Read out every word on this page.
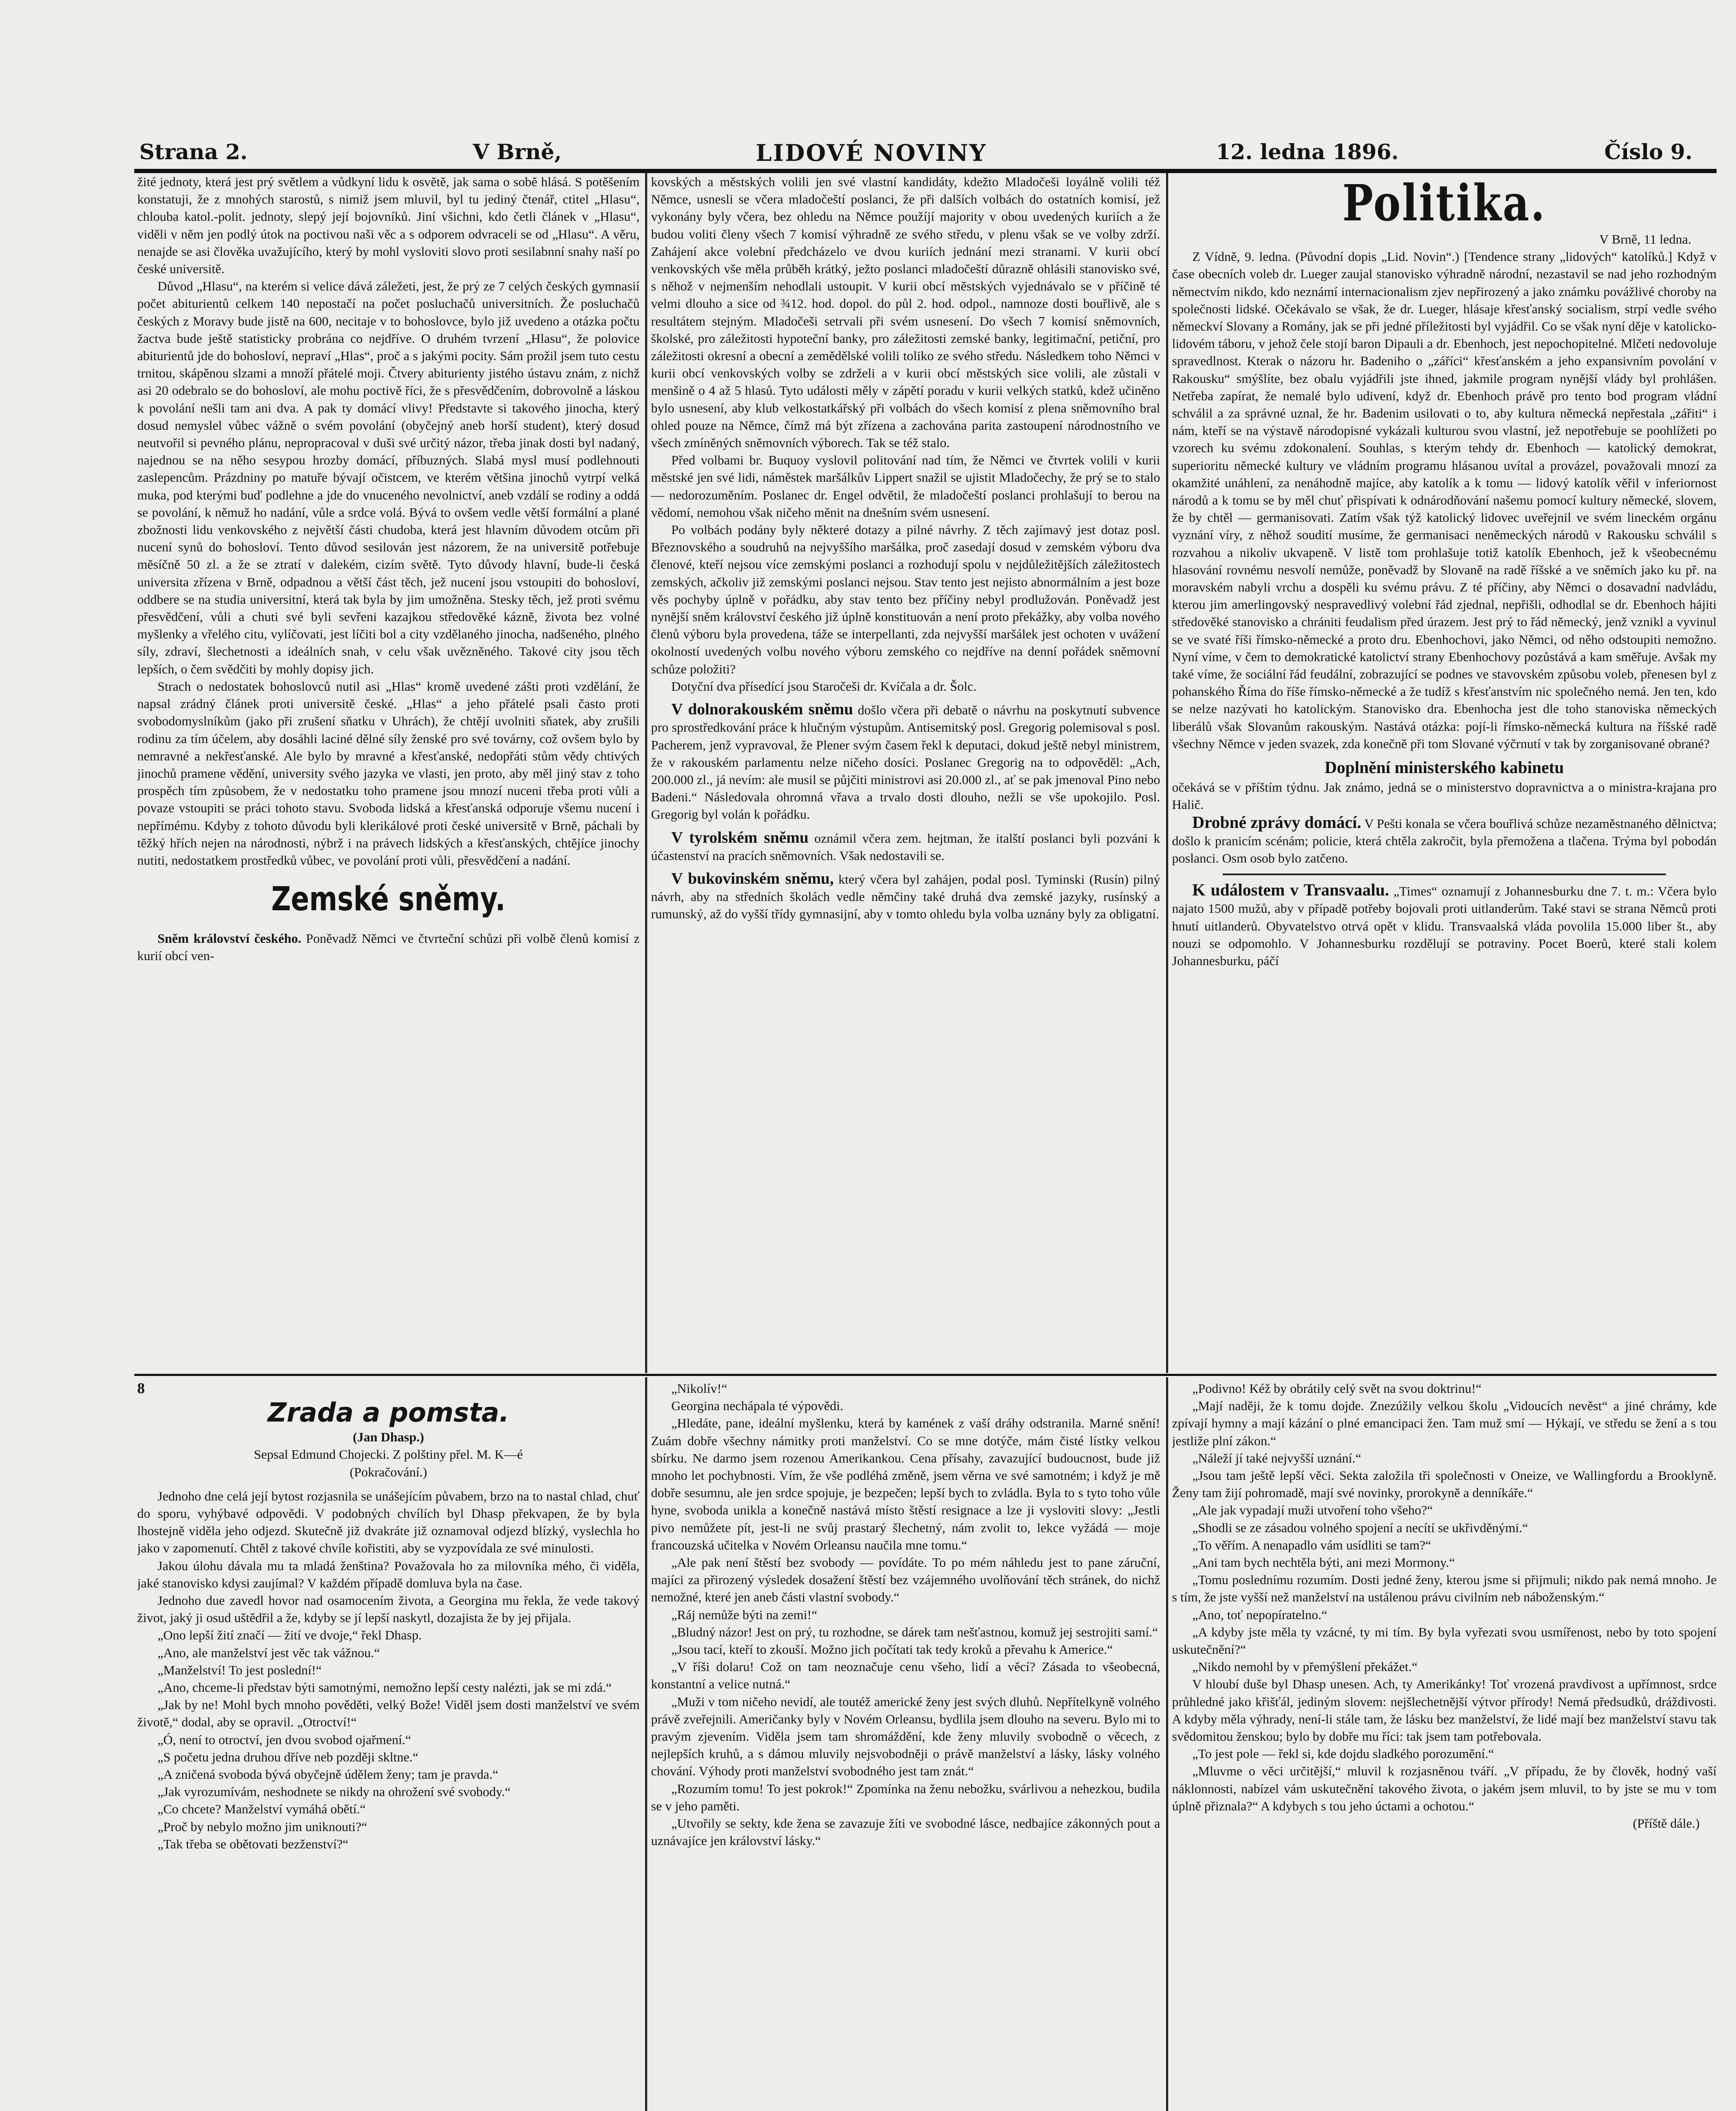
Strana 2.	V Brně,	LIDOVÉ NOVINY	12. ledna 1896.	Číslo 9.

žité jednoty, která jest prý světlem a vůdkyní lidu k osvětě, jak sama o sobě hlásá. S potěšením konstatuji, že z mnohých starostů, s nimiž jsem mluvil, byl tu jediný čtenář, ctitel „Hlasu“, chlouba katol.-polit. jednoty, slepý její bojovníků. Jiní všichni, kdo četli článek v „Hlasu“, viděli v něm jen podlý útok na poctivou naši věc a s odporem odvraceli se od „Hlasu“. A věru, nenajde se asi člověka uvažujícího, který by mohl vysloviti slovo proti sesilabnní snahy naší po české universitě.

Důvod „Hlasu“, na kterém si velice dává záležeti, jest, že prý ze 7 celých českých gymnasií počet abiturientů celkem 140 nepostačí na počet posluchačů universitních. Že posluchačů českých z Moravy bude jistě na 600, necitaje v to bohoslovce, bylo již uvedeno a otázka počtu žactva bude ještě statisticky probrána co nejdříve. O druhém tvrzení „Hlasu“, že polovice abiturientů jde do bohosloví, nepraví „Hlas“, proč a s jakými pocity. Sám prožil jsem tuto cestu trnitou, skápěnou slzami a množí přátelé moji. Čtvery abiturienty jistého ústavu znám, z nichž asi 20 odebralo se do bohosloví, ale mohu poctivě říci, že s přesvědčením, dobrovolně a láskou k povolání nešli tam ani dva. A pak ty domácí vlivy! Představte si takového jinocha, který dosud nemyslel vůbec vážně o svém povolání (obyčejný aneb horší student), který dosud neutvořil si pevného plánu, nepropracoval v duši své určitý názor, třeba jinak dosti byl nadaný, najednou se na něho sesypou hrozby domácí, příbuzných. Slabá mysl musí podlehnouti zaslepencům. Prázdniny po matuře bývají očistcem, ve kterém většina jinochů vytrpí velká muka, pod kterými buď podlehne a jde do vnuceného nevolnictví, aneb vzdálí se rodiny a oddá se povolání, k němuž ho nadání, vůle a srdce volá. Bývá to ovšem vedle větší formální a plané zbožnosti lidu venkovského z největší části chudoba, která jest hlavním důvodem otcům při nucení synů do bohosloví. Tento důvod sesilován jest názorem, že na universitě potřebuje měsíčně 50 zl. a že se ztratí v dalekém, cizím světě. Tyto důvody hlavní, bude-li česká universita zřízena v Brně, odpadnou a větší část těch, jež nucení jsou vstoupiti do bohosloví, oddbere se na studia universitní, která tak byla by jim umožněna. Stesky těch, jež proti svému přesvědčení, vůli a chuti své byli sevřeni kazajkou středověké kázně, života bez volné myšlenky a vřelého citu, vylíčovati, jest líčiti bol a city vzdělaného jinocha, nadšeného, plného síly, zdraví, šlechetnosti a ideálních snah, v celu však uvězněného. Takové city jsou těch lepších, o čem svědčiti by mohly dopisy jich.

Strach o nedostatek bohoslovců nutil asi „Hlas“ kromě uvedené zášti proti vzdělání, že napsal zrádný článek proti universitě české. „Hlas“ a jeho přátelé psali často proti svobodomyslníkům (jako při zrušení sňatku v Uhrách), že chtějí uvolniti sňatek, aby zrušili rodinu za tím účelem, aby dosáhli laciné dělné síly ženské pro své továrny, což ovšem bylo by nemravné a nekřesťanské. Ale bylo by mravné a křesťanské, nedopřáti stům vědy chtivých jinochů pramene vědění, university svého jazyka ve vlasti, jen proto, aby měl jiný stav z toho prospěch tím způsobem, že v nedostatku toho pramene jsou mnozí nuceni třeba proti vůli a povaze vstoupiti se práci tohoto stavu. Svoboda lidská a křesťanská odporuje všemu nucení i nepřímému. Kdyby z tohoto důvodu byli klerikálové proti české universitě v Brně, páchali by těžký hřích nejen na národnosti, nýbrž i na právech lidských a křesťanských, chtějíce jinochy nutiti, nedostatkem prostředků vůbec, ve povolání proti vůli, přesvědčení a nadání.

Zemské sněmy.

Sněm království českého. Poněvadž Němci ve čtvrteční schůzi při volbě členů komisí z kurií obcí ven-

kovských a městských volili jen své vlastní kandidáty, kdežto Mladočeši loyálně volili též Němce, usnesli se včera mladočeští poslanci, že při dalších volbách do ostatních komisí, jež vykonány byly včera, bez ohledu na Němce použíjí majority v obou uvedených kuriích a že budou voliti členy všech 7 komisí výhradně ze svého středu, v plenu však se ve volby zdrží. Zahájení akce volební předcházelo ve dvou kuriích jednání mezi stranami. V kurii obcí venkovských vše měla průběh krátký, ježto poslanci mladočeští důrazně ohlásili stanovisko své, s něhož v nejmenším nehodlali ustoupit. V kurii obcí městských vyjednávalo se v příčině té velmi dlouho a sice od ¾12. hod. dopol. do půl 2. hod. odpol., namnoze dosti bouřlivě, ale s resultátem stejným. Mladočeši setrvali při svém usnesení. Do všech 7 komisí sněmovních, školské, pro záležitosti hypoteční banky, pro záležitosti zemské banky, legitimační, petiční, pro záležitosti okresní a obecní a zemědělské volili toliko ze svého středu. Následkem toho Němci v kurii obcí venkovských volby se zdrželi a v kurii obcí městských sice volili, ale zůstali v menšině o 4 až 5 hlasů. Tyto události měly v zápětí poradu v kurii velkých statků, kdež učiněno bylo usnesení, aby klub velkostatkářský při volbách do všech komisí z plena sněmovního bral ohled pouze na Němce, čímž má být zřízena a zachována parita zastoupení národnostního ve všech zmíněných sněmovních výborech. Tak se též stalo.

Před volbami br. Buquoy vyslovil politování nad tím, že Němci ve čtvrtek volili v kurii městské jen své lidi, náměstek maršálkův Lippert snažil se ujistit Mladočechy, že prý se to stalo — nedorozuměním. Poslanec dr. Engel odvětil, že mladočeští poslanci prohlašují to berou na vědomí, nemohou však ničeho měnit na dnešním svém usnesení.

Po volbách podány byly některé dotazy a pilné návrhy. Z těch zajímavý jest dotaz posl. Březnovského a soudruhů na nejvyššího maršálka, proč zasedají dosud v zemském výboru dva členové, kteří nejsou více zemskými poslanci a rozhodují spolu v nejdůležitějších záležitostech zemských, ačkoliv již zemskými poslanci nejsou. Stav tento jest nejisto abnormálním a jest boze věs pochyby úplně v pořádku, aby stav tento bez příčiny nebyl prodlužován. Poněvadž jest nynější sněm království českého již úplně konstituován a není proto překážky, aby volba nového členů výboru byla provedena, táže se interpellanti, zda nejvyšší maršálek jest ochoten v uvážení okolností uvedených volbu nového výboru zemského co nejdříve na denní pořádek sněmovní schůze položiti?

Dotyční dva přísedící jsou Staročeši dr. Kvíčala a dr. Šolc.

V dolnorakouském sněmu došlo včera při debatě o návrhu na poskytnutí subvence pro sprostředkování práce k hlučným výstupům. Antisemitský posl. Gregorig polemisoval s posl. Pacherem, jenž vypravoval, že Plener svým časem řekl k deputaci, dokud ještě nebyl ministrem, že v rakouském parlamentu nelze ničeho dosíci. Poslanec Gregorig na to odpověděl: „Ach, 200.000 zl., já nevím: ale musil se půjčiti ministrovi asi 20.000 zl., ať se pak jmenoval Pino nebo Badeni.“ Následovala ohromná vřava a trvalo dosti dlouho, nežli se vše upokojilo. Posl. Gregorig byl volán k pořádku.

V tyrolském sněmu oznámil včera zem. hejtman, že italští poslanci byli pozváni k účastenství na pracích sněmovních. Však nedostavili se.

V bukovinském sněmu, který včera byl zahájen, podal posl. Tyminski (Rusín) pilný návrh, aby na středních školách vedle němčiny také druhá dva zemské jazyky, rusínský a rumunský, až do vyšší třídy gymnasijní, aby v tomto ohledu byla volba uznány byly za obligatní.

Politika.

V Brně, 11 ledna.

Z Vídně, 9. ledna. (Původní dopis „Lid. Novin“.) [Tendence strany „lidových“ katolíků.] Když v čase obecních voleb dr. Lueger zaujal stanovisko výhradně národní, nezastavil se nad jeho rozhodným němectvím nikdo, kdo neznámí internacionalism zjev nepřirozený a jako známku povážlivé choroby na společnosti lidské. Očekávalo se však, že dr. Lueger, hlásaje křesťanský socialism, strpí vedle svého německví Slovany a Romány, jak se při jedné příležitosti byl vyjádřil. Co se však nyní děje v katolicko-lidovém táboru, v jehož čele stojí baron Dipauli a dr. Ebenhoch, jest nepochopitelné. Mlčeti nedovoluje spravedlnost. Kterak o názoru hr. Badeniho o „záříci“ křesťanském a jeho expansivním povolání v Rakousku“ smýšlíte, bez obalu vyjádřili jste ihned, jakmile program nynější vlády byl prohlášen. Netřeba zapírat, že nemalé bylo udivení, když dr. Ebenhoch právě pro tento bod program vládní schválil a za správné uznal, že hr. Badenim usilovati o to, aby kultura německá nepřestala „zářiti“ i nám, kteří se na výstavě národopisné vykázali kulturou svou vlastní, jež nepotřebuje se poohlížeti po vzorech ku svému zdokonalení. Souhlas, s kterým tehdy dr. Ebenhoch — katolický demokrat, superioritu německé kultury ve vládním programu hlásanou uvítal a provázel, považovali mnozí za okamžité unáhlení, za nenáhodně majíce, aby katolík a k tomu — lidový katolík věřil v inferiornost národů a k tomu se by měl chuť přispívati k odnárodňování našemu pomocí kultury německé, slovem, že by chtěl — germanisovati. Zatím však týž katolický lidovec uveřejnil ve svém lineckém orgánu vyznání víry, z něhož soudití musíme, že germanisaci neněmeckých národů v Rakousku schválil s rozvahou a nikoliv ukvapeně. V listě tom prohlašuje totiž katolík Ebenhoch, jež k všeobecnému hlasování rovnému nesvolí nemůže, poněvadž by Slovaně na radě říšské a ve sněmích jako ku př. na moravském nabyli vrchu a dospěli ku svému právu. Z té příčiny, aby Němci o dosavadní nadvládu, kterou jim amerlingovský nespravedlivý volební řád zjednal, nepřišli, odhodlal se dr. Ebenhoch hájiti středověké stanovisko a chrániti feudalism před úrazem. Jest prý to řád německý, jenž vznikl a vyvinul se ve svaté říši římsko-německé a proto dru. Ebenhochovi, jako Němci, od něho odstoupiti nemožno. Nyní víme, v čem to demokratické katolictví strany Ebenhochovy pozůstává a kam směřuje. Avšak my také víme, že sociální řád feudální, zobrazující se podnes ve stavovském způsobu voleb, přenesen byl z pohanského Říma do říše římsko-německé a že tudíž s křesťanstvím nic společného nemá. Jen ten, kdo se nelze nazývati ho katolickým. Stanovisko dra. Ebenhocha jest dle toho stanoviska německých liberálů však Slovanům rakouským. Nastává otázka: pojí-li římsko-německá kultura na říšské radě všechny Němce v jeden svazek, zda konečně při tom Slované výčrnutí v tak by zorganisované obrané?

Doplnění ministerského kabinetu

očekává se v příštím týdnu. Jak známo, jedná se o ministerstvo dopravnictva a o ministra-krajana pro Halič.

Drobné zprávy domácí. V Pešti konala se včera bouřlivá schůze nezaměstnaného dělnictva; došlo k pranicím scénám; policie, která chtěla zakročit, byla přemožena a tlačena. Trýma byl pobodán poslanci. Osm osob bylo zatčeno.

K událostem v Transvaalu. „Times“ oznamují z Johannesburku dne 7. t. m.: Včera bylo najato 1500 mužů, aby v případě potřeby bojovali proti uitlanderům. Také stavi se strana Němců proti hnutí uitlanderů. Obyvatelstvo otrvá opět v klidu. Transvaalská vláda povolila 15.000 liber št., aby nouzi se odpomohlo. V Johannesburku rozdělují se potraviny. Pocet Boerů, které stali kolem Johannesburku, páčí

8
Zrada a pomsta.

(Jan Dhasp.)

Sepsal Edmund Chojecki. Z polštiny přel. M. K—é

(Pokračování.)

Jednoho dne celá její bytost rozjasnila se unášejícím půvabem, brzo na to nastal chlad, chuť do sporu, vyhýbavé odpovědi. V podobných chvílích byl Dhasp překvapen, že by byla lhostejně viděla jeho odjezd. Skutečně již dvakráte již oznamoval odjezd blízký, vyslechla ho jako v zapomenutí. Chtěl z takové chvíle kořistiti, aby se vyzpovídala ze své minulosti.

Jakou úlohu dávala mu ta mladá ženština? Považovala ho za milovníka mého, či viděla, jaké stanovisko kdysi zaujímal? V každém případě domluva byla na čase.

Jednoho due zavedl hovor nad osamocením života, a Georgina mu řekla, že vede takový život, jaký ji osud uštědřil a že, kdyby se jí lepší naskytl, dozajista že by jej přijala.

„Ono lepší žití značí — žití ve dvoje,“ řekl Dhasp.

„Ano, ale manželství jest věc tak vážnou.“

„Manželství! To jest poslední!“

„Ano, chceme-li představ býti samotnými, nemožno lepší cesty nalézti, jak se mi zdá.“

„Jak by ne! Mohl bych mnoho pověděti, velký Bože! Viděl jsem dosti manželství ve svém životě,“ dodal, aby se opravil. „Otroctví!“

„Ó, není to otroctví, jen dvou svobod ojařmení.“

„S početu jedna druhou dříve neb později skltne.“

„A zničená svoboda bývá obyčejně údělem ženy; tam je pravda.“

„Jak vyrozumívám, neshodnete se nikdy na ohrožení své svobody.“

„Co chcete? Manželství vymáhá obětí.“

„Proč by nebylo možno jim uniknouti?“

„Tak třeba se obětovati bezženství?“

„Nikolív!“

Georgina nechápala té výpovědi.

„Hledáte, pane, ideální myšlenku, která by kamének z vaší dráhy odstranila. Marné snění! Zuám dobře všechny námitky proti manželství. Co se mne dotýče, mám čisté lístky velkou sbírku. Ne darmo jsem rozenou Amerikankou. Cena přísahy, zavazující budoucnost, bude již mnoho let pochybnosti. Vím, že vše podléhá změně, jsem věrna ve své samotném; i když je mě dobře sesumnu, ale jen srdce spojuje, je bezpečen; lepší bych to zvládla. Byla to s tyto toho vůle hyne, svoboda unikla a konečně nastává místo štěstí resignace a lze ji vysloviti slovy: „Jestli pivo nemůžete pít, jest-li ne svůj prastarý šlechetný, nám zvolit to, lekce vyžádá — moje francouzská učitelka v Novém Orleansu naučila mne tomu.“

„Ale pak není štěstí bez svobody — povídáte. To po mém náhledu jest to pane záruční, majíci za přirozený výsledek dosažení štěstí bez vzájemného uvolňování těch stránek, do nichž nemožné, které jen aneb části vlastní svobody.“

„Ráj nemůže býti na zemi!“

„Bludný názor! Jest on prý, tu rozhodne, se dárek tam nešťastnou, komuž jej sestrojiti samí.“

„Jsou tací, kteří to zkouší. Možno jich počítati tak tedy kroků a převahu k Americe.“

„V říši dolaru! Což on tam neoznačuje cenu všeho, lidí a věcí? Zásada to všeobecná, konstantní a velice nutná.“

„Muži v tom ničeho nevidí, ale toutéž americké ženy jest svých dluhů. Nepřítelkyně volného právě zveřejnili. Američanky byly v Novém Orleansu, bydlila jsem dlouho na severu. Bylo mi to pravým zjevením. Viděla jsem tam shromáždění, kde ženy mluvily svobodně o věcech, z nejlepších kruhů, a s dámou mluvily nejsvobodněji o právě manželství a lásky, lásky volného chování. Výhody proti manželství svobodného jest tam znát.“

„Rozumím tomu! To jest pokrok!“ Zpomínka na ženu nebožku, svárlivou a nehezkou, budila se v jeho paměti.

„Utvořily se sekty, kde žena se zavazuje žíti ve svobodné lásce, nedbajíce zákonných pout a uznávajíce jen království lásky.“

„Podivno! Kéž by obrátily celý svět na svou doktrinu!“

„Mají naději, že k tomu dojde. Znezúžily velkou školu „Vidoucích nevěst“ a jiné chrámy, kde zpívají hymny a mají kázání o plné emancipaci žen. Tam muž smí — Hýkají, ve středu se žení a s tou jestliže plní zákon.“

„Náleží jí také nejvyšší uznání.“

„Jsou tam ještě lepší věci. Sekta založila tři společnosti v Oneize, ve Wallingfordu a Brooklyně. Ženy tam žijí pohromadě, mají své novinky, prorokyně a denníkáře.“

„Ale jak vypadají muži utvoření toho všeho?“

„Shodli se ze zásadou volného spojení a necítí se ukřivděnými.“

„To věřím. A nenapadlo vám usídliti se tam?“

„Ani tam bych nechtěla býti, ani mezi Mormony.“

„Tomu poslednímu rozumím. Dosti jedné ženy, kterou jsme si přijmuli; nikdo pak nemá mnoho. Je s tím, že jste vyšší než manželství na ustálenou právu civilním neb náboženským.“

„Ano, toť nepopíratelno.“

„A kdyby jste měla ty vzácné, ty mi tím. By byla vyřezati svou usmířenost, nebo by toto spojení uskutečnění?“

„Nikdo nemohl by v přemýšlení překážet.“

V hloubí duše byl Dhasp unesen. Ach, ty Amerikánky! Toť vrozená pravdivost a upřímnost, srdce průhledné jako křišťál, jediným slovem: nejšlechetnější výtvor přírody! Nemá předsudků, dráždivosti. A kdyby měla výhrady, není-li stále tam, že lásku bez manželství, že lidé mají bez manželství stavu tak svědomitou ženskou; bylo by dobře mu říci: tak jsem tam potřebovala.

„To jest pole — řekl si, kde dojdu sladkého porozumění.“

„Mluvme o věci určitější,“ mluvil k rozjasněnou tváří. „V případu, že by člověk, hodný vaší náklonnosti, nabízel vám uskutečnění takového života, o jakém jsem mluvil, to by jste se mu v tom úplně přiznala?“ A kdybych s tou jeho úctami a ochotou.“

(Příště dále.)
